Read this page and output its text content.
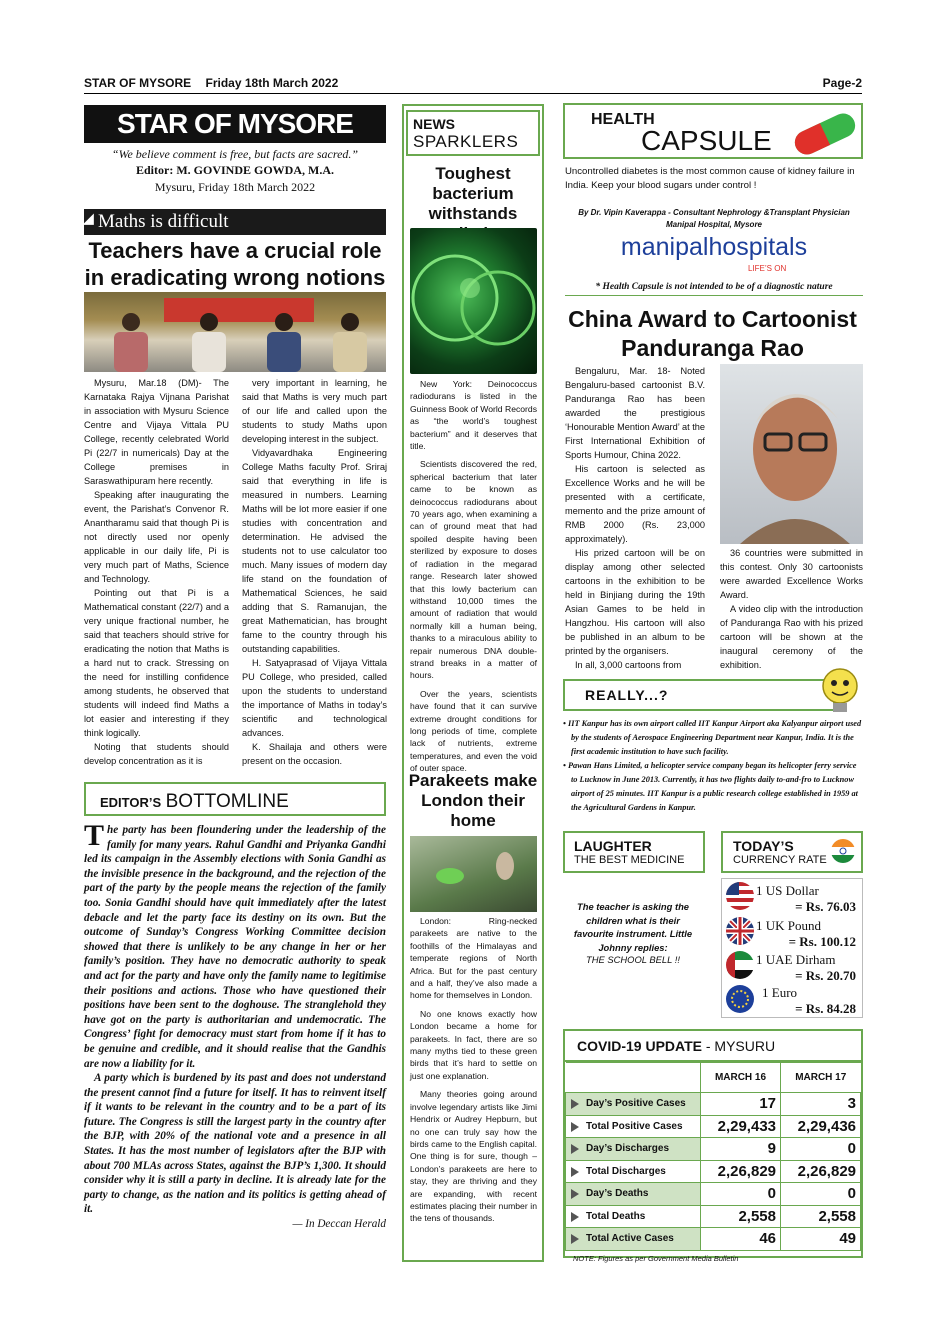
STAR OF MYSORE Friday 18th March 2022	Page-2
STAR OF MYSORE
“We believe comment is free, but facts are sacred.”
Editor: M. GOVINDE GOWDA, M.A.
Mysuru, Friday 18th March 2022
Maths is difficult
Teachers have a crucial role in eradicating wrong notions

Mysuru, Mar.18 (DM)- The Karnataka Rajya Vijnana Parishat in association with Mysuru Science Centre and Vijaya Vittala PU College, recently celebrated World Pi (22/7 in numericals) Day at the College premises in Saraswathipuram here recently.

Speaking after inaugurating the event, the Parishat’s Convenor R. Anantharamu said that though Pi is not directly used nor openly applicable in our daily life, Pi is very much part of Maths, Science and Technology.

Pointing out that Pi is a Mathematical constant (22/7) and a very unique fractional number, he said that teachers should strive for eradicating the notion that Maths is a hard nut to crack. Stressing on the need for instilling confidence among students, he observed that students will indeed find Maths a lot easier and interesting if they think logically.

Noting that students should develop concentration as it is

very important in learning, he said that Maths is very much part of our life and called upon the students to study Maths upon developing interest in the subject.

Vidyavardhaka Engineering College Maths faculty Prof. Sriraj said that everything in life is measured in numbers. Learning Maths will be lot more easier if one studies with concentration and determination. He advised the students not to use calculator too much. Many issues of modern day life stand on the foundation of Mathematical Sciences, he said adding that S. Ramanujan, the great Mathematician, has brought fame to the country through his outstanding capabilities.

H. Satyaprasad of Vijaya Vittala PU College, who presided, called upon the students to understand the importance of Maths in today’s scientific and technological advances.

K. Shailaja and others were present on the occasion.

EDITOR’S BOTTOMLINE
The party has been floundering under the leadership of the family for many years. Rahul Gandhi and Priyanka Gandhi led its campaign in the Assembly elections with Sonia Gandhi as the invisible presence in the background, and the rejection of the part of the party by the people means the rejection of the family too. Sonia Gandhi should have quit immediately after the latest debacle and let the party face its destiny on its own. But the outcome of Sunday’s Congress Working Committee decision showed that there is unlikely to be any change in her or her family’s position. They have no democratic authority to speak and act for the party and have only the family name to legitimise their positions and actions. Those who have questioned their positions have been sent to the doghouse. The stranglehold they have got on the party is authoritarian and undemocratic. The Congress’ fight for democracy must start from home if it has to be genuine and credible, and it should realise that the Gandhis are now a liability for it.
A party which is burdened by its past and does not understand the present cannot find a future for itself. It has to reinvent itself if it wants to be relevant in the country and to be a part of its future. The Congress is still the largest party in the country after the BJP, with 20% of the national vote and a presence in all States. It has the most number of legislators after the BJP with about 700 MLAs across States, against the BJP’s 1,300. It should consider why it is still a party in decline. It is already late for the party to change, as the nation and its politics is getting ahead of it.
— In Deccan Herald
NEWS
SPARKLERS
Toughest bacterium withstands

New York: Deinococcus radiodurans is listed in the Guinness Book of World Records as “the world’s toughest bacterium” and it deserves that title.

Scientists discovered the red, spherical bacterium that later came to be known as deinococcus radiodurans about 70 years ago, when examining a can of ground meat that had spoiled despite having been sterilized by exposure to doses of radiation in the megarad range. Research later showed that this lowly bacterium can withstand 10,000 times the amount of radiation that would normally kill a human being, thanks to a miraculous ability to repair numerous DNA double-strand breaks in a matter of hours.

Over the years, scientists have found that it can survive extreme drought conditions for long periods of time, complete lack of nutrients, extreme temperatures, and even the void of outer space.

Parakeets make London their home

London: Ring-necked parakeets are native to the foothills of the Himalayas and temperate regions of North Africa. But for the past century and a half, they’ve also made a home for themselves in London.

No one knows exactly how London became a home for parakeets. In fact, there are so many myths tied to these green birds that it’s hard to settle on just one explanation.

Many theories going around involve legendary artists like Jimi Hendrix or Audrey Hepburn, but no one can truly say how the birds came to the English capital. One thing is for sure, though – London’s parakeets are here to stay, they are thriving and they are expanding, with recent estimates placing their number in the tens of thousands.

HEALTH
CAPSULE
Uncontrolled diabetes is the most common cause of kidney failure in India. Keep your blood sugars under control !
By Dr. Vipin Kaverappa - Consultant Nephrology &Transplant Physician
Manipal Hospital, Mysore
manipalhospitals
LIFE’S ON
* Health Capsule is not intended to be of a diagnostic nature
China Award to Cartoonist Panduranga Rao

Bengaluru, Mar. 18- Noted Bengaluru-based cartoonist B.V. Panduranga Rao has been awarded the prestigious ‘Honourable Mention Award’ at the First International Exhibition of Sports Humour, China 2022.

His cartoon is selected as Excellence Works and he will be presented with a certificate, memento and the prize amount of RMB 2000 (Rs. 23,000 approximately).

His prized cartoon will be on display among other selected cartoons in the exhibition to be held in Binjiang during the 19th Asian Games to be held in Hangzhou. His cartoon will also be published in an album to be printed by the organisers.

In all, 3,000 cartoons from

36 countries were submitted in this contest. Only 30 cartoonists were awarded Excellence Works Award.

A video clip with the introduction of Panduranga Rao with his prized cartoon will be shown at the inaugural ceremony of the exhibition.

REALLY...?
• IIT Kanpur has its own airport called IIT Kanpur Airport aka Kalyanpur airport used by the students of Aerospace Engineering Department near Kanpur, India. It is the first academic institution to have such facility.
• Pawan Hans Limited, a helicopter service company began its helicopter ferry service to Lucknow in June 2013. Currently, it has two flights daily to-and-fro to Lucknow airport of 25 minutes. IIT Kanpur is a public research college established in 1959 at the Agricultural Gardens in Kanpur.
LAUGHTER
THE BEST MEDICINE
The teacher is asking the children what is their favourite instrument. Little Johnny replies:
THE SCHOOL BELL !!
TODAY’S
CURRENCY RATE
1 US Dollar
= Rs. 76.03
1 UK Pound
= Rs. 100.12
1 UAE Dirham
= Rs. 20.70
1 Euro
= Rs. 84.28
COVID-19 UPDATE - MYSURU
	MARCH 16	MARCH 17
Day’s Positive Cases	17	3
Total Positive Cases	2,29,433	2,29,436
Day’s Discharges	9	0
Total Discharges	2,26,829	2,26,829
Day’s Deaths	0	0
Total Deaths	2,558	2,558
Total Active Cases	46	49
NOTE: Figures as per Government Media Bulletin
